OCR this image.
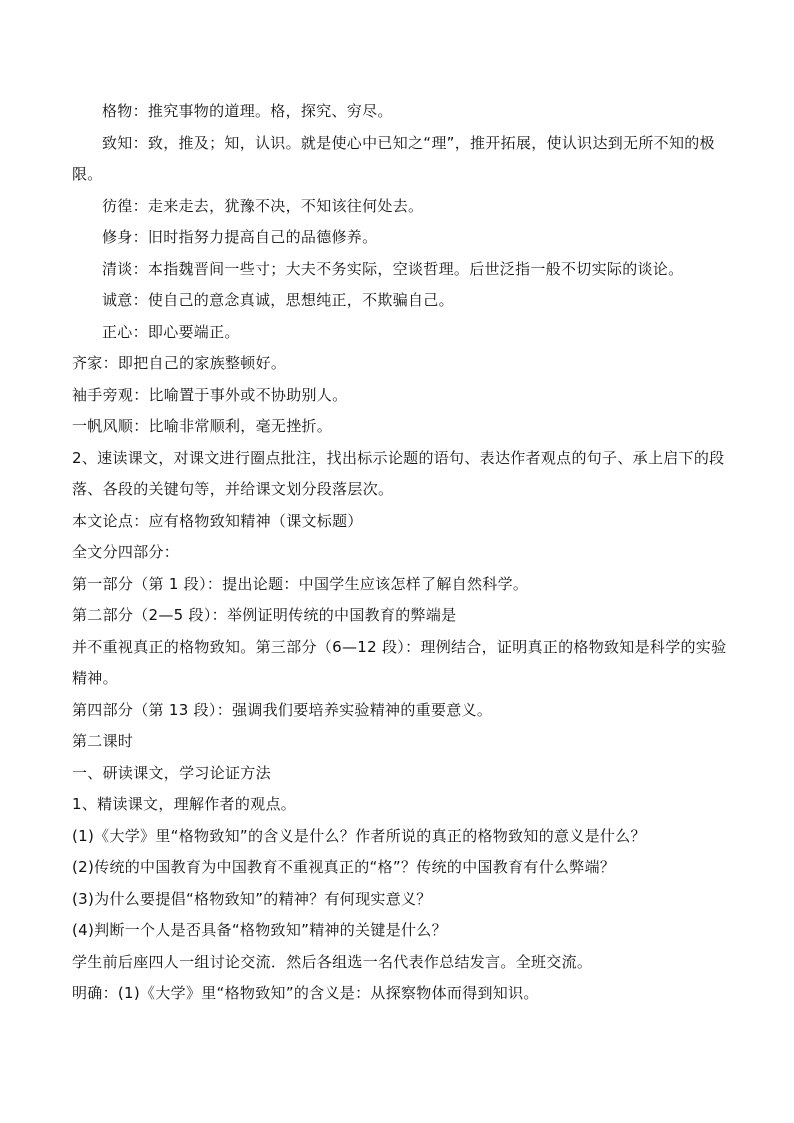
格物：推究事物的道理。格，探究、穷尽。

致知：致，推及；知，认识。就是使心中已知之“理”，推开拓展，使认识达到无所不知的极限。

彷徨：走来走去，犹豫不决，不知该往何处去。

修身：旧时指努力提高自己的品德修养。

清谈：本指魏晋间一些寸；大夫不务实际，空谈哲理。后世泛指一般不切实际的谈论。

诚意：使自己的意念真诚，思想纯正，不欺骗自己。

正心：即心要端正。

齐家：即把自己的家族整顿好。

袖手旁观：比喻置于事外或不协助别人。

一帆风顺：比喻非常顺利，毫无挫折。

2、速读课文，对课文进行圈点批注，找出标示论题的语句、表达作者观点的句子、承上启下的段落、各段的关键句等，并给课文划分段落层次。

本文论点：应有格物致知精神（课文标题）

全文分四部分：

第一部分（第 1 段）：提出论题：中国学生应该怎样了解自然科学。

第二部分（2—5 段）：举例证明传统的中国教育的弊端是

并不重视真正的格物致知。第三部分（6—12 段）：理例结合，证明真正的格物致知是科学的实验精神。

第四部分（第 13 段）：强调我们要培养实验精神的重要意义。

第二课时

一、研读课文，学习论证方法

1、精读课文，理解作者的观点。

(1)《大学》里“格物致知”的含义是什么？作者所说的真正的格物致知的意义是什么？

(2)传统的中国教育为中国教育不重视真正的“格”？传统的中国教育有什么弊端？

(3)为什么要提倡“格物致知”的精神？有何现实意义？

(4)判断一个人是否具备“格物致知”精神的关键是什么？

学生前后座四人一组讨论交流．然后各组选一名代表作总结发言。全班交流。

明确：(1)《大学》里“格物致知”的含义是：从探察物体而得到知识。
